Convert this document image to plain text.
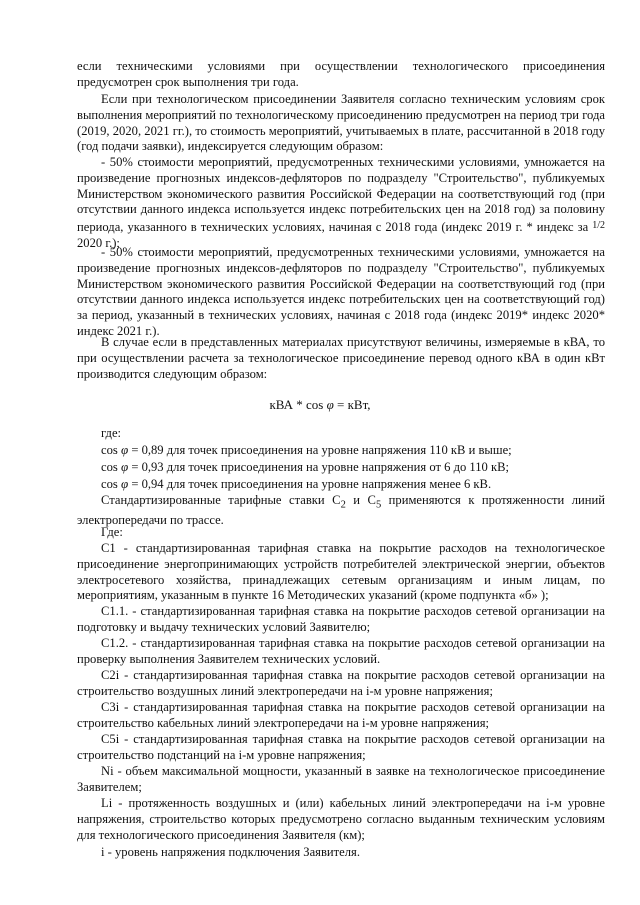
если техническими условиями при осуществлении технологического присоединения предусмотрен срок выполнения три года.
Если при технологическом присоединении Заявителя согласно техническим условиям срок выполнения мероприятий по технологическому присоединению предусмотрен на период три года (2019, 2020, 2021 гг.), то стоимость мероприятий, учитываемых в плате, рассчитанной в 2018 году (год подачи заявки), индексируется следующим образом:
- 50% стоимости мероприятий, предусмотренных техническими условиями, умножается на произведение прогнозных индексов-дефляторов по подразделу "Строительство", публикуемых Министерством экономического развития Российской Федерации на соответствующий год (при отсутствии данного индекса используется индекс потребительских цен на 2018 год) за половину периода, указанного в технических условиях, начиная с 2018 года (индекс 2019 г. * индекс за $^{1/2}$ 2020 г.);
- 50% стоимости мероприятий, предусмотренных техническими условиями, умножается на произведение прогнозных индексов-дефляторов по подразделу "Строительство", публикуемых Министерством экономического развития Российской Федерации на соответствующий год (при отсутствии данного индекса используется индекс потребительских цен на соответствующий год) за период, указанный в технических условиях, начиная с 2018 года (индекс 2019* индекс 2020* индекс 2021 г.).
В случае если в представленных материалах присутствуют величины, измеряемые в кВА, то при осуществлении расчета за технологическое присоединение перевод одного кВА в один кВт производится следующим образом:
кВА * cos φ = кВт,
где:
cos φ = 0,89 для точек присоединения на уровне напряжения 110 кВ и выше;
cos φ = 0,93 для точек присоединения на уровне напряжения от 6 до 110 кВ;
cos φ = 0,94 для точек присоединения на уровне напряжения менее 6 кВ.
Стандартизированные тарифные ставки $С_2$ и $С_5$ применяются к протяженности линий электропередачи по трассе.
Где:
С1 - стандартизированная тарифная ставка на покрытие расходов на технологическое присоединение энергопринимающих устройств потребителей электрической энергии, объектов электросетевого хозяйства, принадлежащих сетевым организациям и иным лицам, по мероприятиям, указанным в пункте 16 Методических указаний (кроме подпункта «б» );
С1.1. - стандартизированная тарифная ставка на покрытие расходов сетевой организации на подготовку и выдачу технических условий Заявителю;
С1.2. - стандартизированная тарифная ставка на покрытие расходов сетевой организации на проверку выполнения Заявителем технических условий.
С2i - стандартизированная тарифная ставка на покрытие расходов сетевой организации на строительство воздушных линий электропередачи на i-м уровне напряжения;
С3i - стандартизированная тарифная ставка на покрытие расходов сетевой организации на строительство кабельных линий электропередачи на i-м уровне напряжения;
С5i - стандартизированная тарифная ставка на покрытие расходов сетевой организации на строительство подстанций на i-м уровне напряжения;
Ni - объем максимальной мощности, указанный в заявке на технологическое присоединение Заявителем;
Li - протяженность воздушных и (или) кабельных линий электропередачи на i-м уровне напряжения, строительство которых предусмотрено согласно выданным техническим условиям для технологического присоединения Заявителя (км);
i - уровень напряжения подключения Заявителя.
